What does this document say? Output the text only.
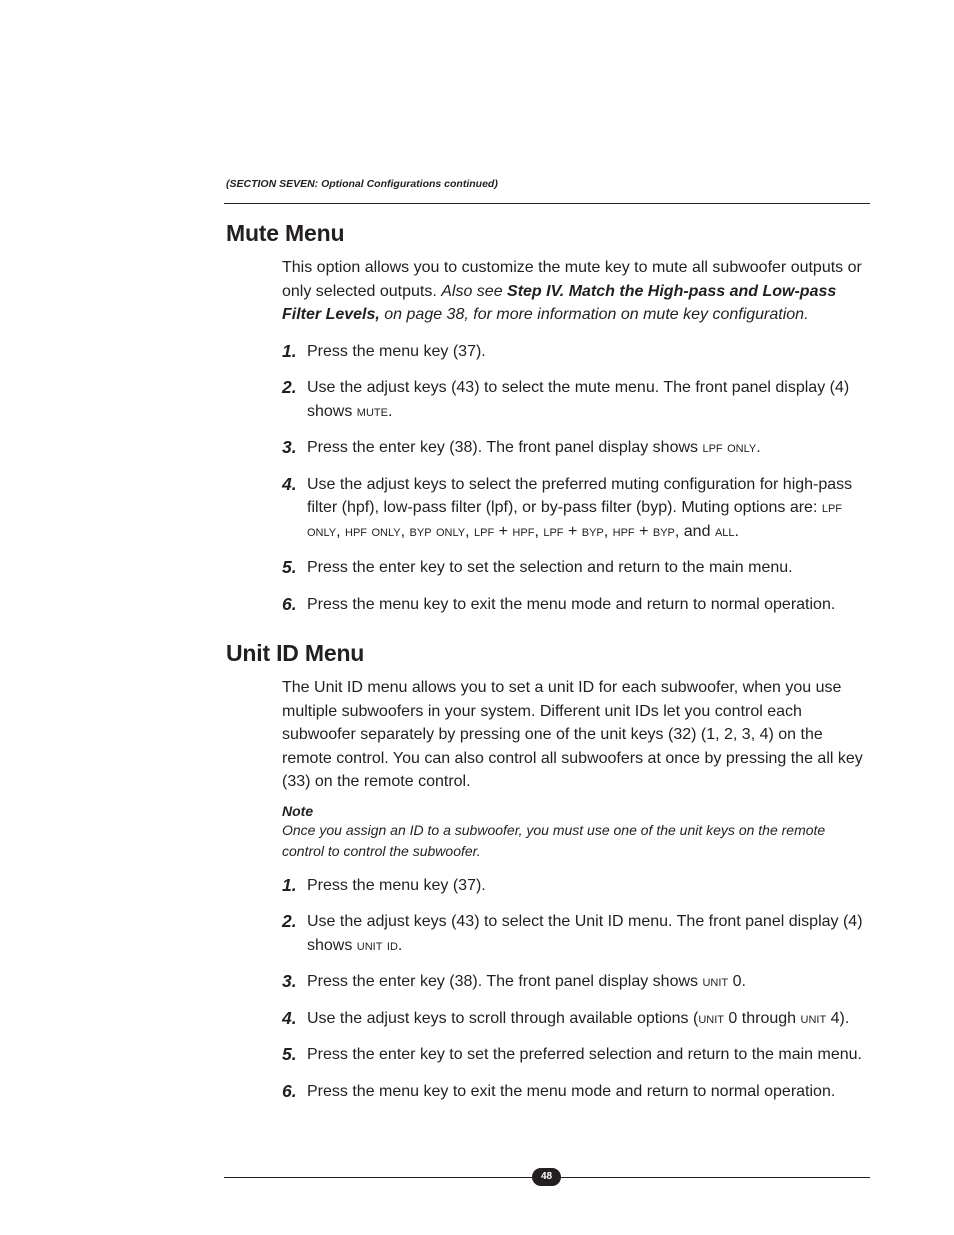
(SECTION SEVEN: Optional Configurations continued)
Mute Menu

This option allows you to customize the mute key to mute all subwoofer outputs or only selected outputs. Also see Step IV. Match the High-pass and Low-pass Filter Levels, on page 38, for more information on mute key configuration.

1. Press the menu key (37).
2. Use the adjust keys (43) to select the mute menu. The front panel display (4) shows mute.
3. Press the enter key (38). The front panel display shows lpf only.
4. Use the adjust keys to select the preferred muting configuration for high-pass filter (hpf), low-pass filter (lpf), or by-pass filter (byp). Muting options are: lpf only, hpf only, byp only, lpf + hpf, lpf + byp, hpf + byp, and all.
5. Press the enter key to set the selection and return to the main menu.
6. Press the menu key to exit the menu mode and return to normal operation.
Unit ID Menu

The Unit ID menu allows you to set a unit ID for each subwoofer, when you use multiple subwoofers in your system. Different unit IDs let you control each subwoofer separately by pressing one of the unit keys (32) (1, 2, 3, 4) on the remote control. You can also control all subwoofers at once by pressing the all key (33) on the remote control.

Note

Once you assign an ID to a subwoofer, you must use one of the unit keys on the remote control to control the subwoofer.

1. Press the menu key (37).
2. Use the adjust keys (43) to select the Unit ID menu. The front panel display (4) shows unit id.
3. Press the enter key (38). The front panel display shows unit 0.
4. Use the adjust keys to scroll through available options (unit 0 through unit 4).
5. Press the enter key to set the preferred selection and return to the main menu.
6. Press the menu key to exit the menu mode and return to normal operation.
48
